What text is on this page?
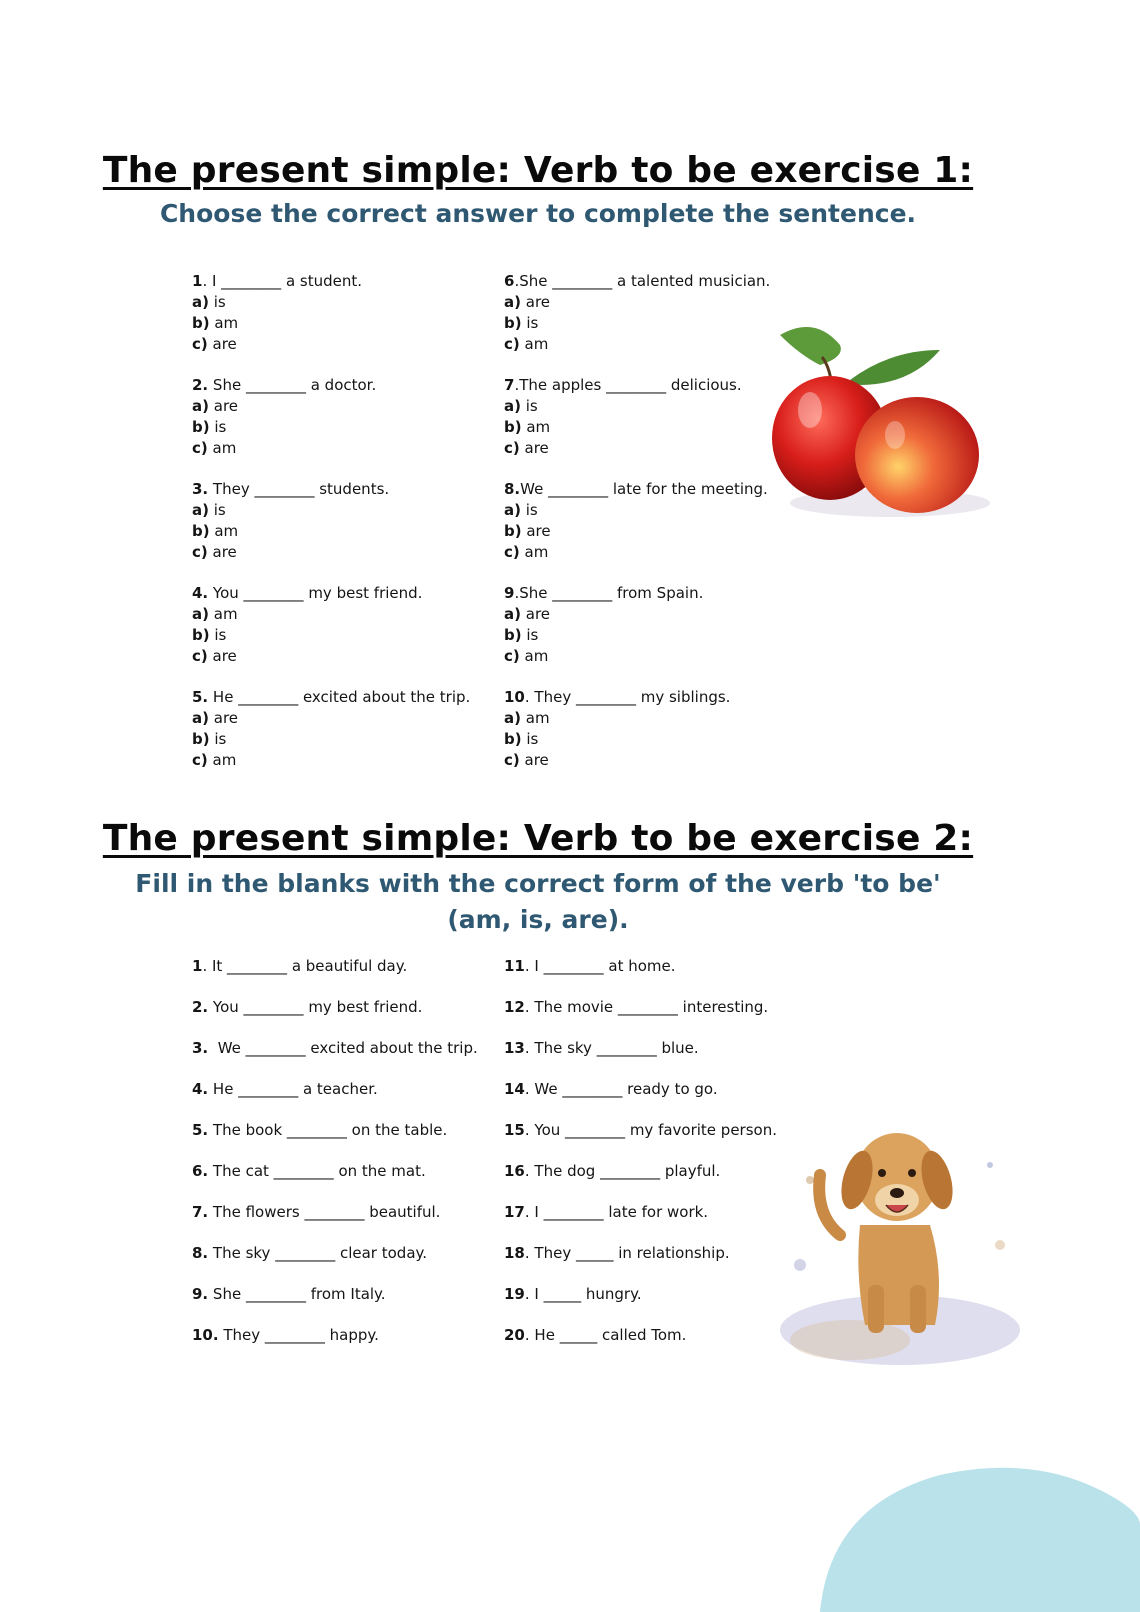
The present simple: Verb to be exercise 1:
Choose the correct answer to complete the sentence.
1. I ________ a student.
a) is
b) am
c) are
2. She ________ a doctor.
a) are
b) is
c) am
3. They ________ students.
a) is
b) am
c) are
4. You ________ my best friend.
a) am
b) is
c) are
5. He ________ excited about the trip.
a) are
b) is
c) am
6.She ________ a talented musician.
a) are
b) is
c) am
7.The apples ________ delicious.
a) is
b) am
c) are
8.We ________ late for the meeting.
a) is
b) are
c) am
9.She ________ from Spain.
a) are
b) is
c) am
10. They ________ my siblings.
a) am
b) is
c) are
The present simple: Verb to be exercise 2:
Fill in the blanks with the correct form of the verb 'to be'
(am, is, are).
1. It ________ a beautiful day.
2. You ________ my best friend.
3. We ________ excited about the trip.
4. He ________ a teacher.
5. The book ________ on the table.
6. The cat ________ on the mat.
7. The flowers ________ beautiful.
8. The sky ________ clear today.
9. She ________ from Italy.
10. They ________ happy.
11. I ________ at home.
12. The movie ________ interesting.
13. The sky ________ blue.
14. We ________ ready to go.
15. You ________ my favorite person.
16. The dog ________ playful.
17. I ________ late for work.
18. They _____ in relationship.
19. I _____ hungry.
20. He _____ called Tom.
